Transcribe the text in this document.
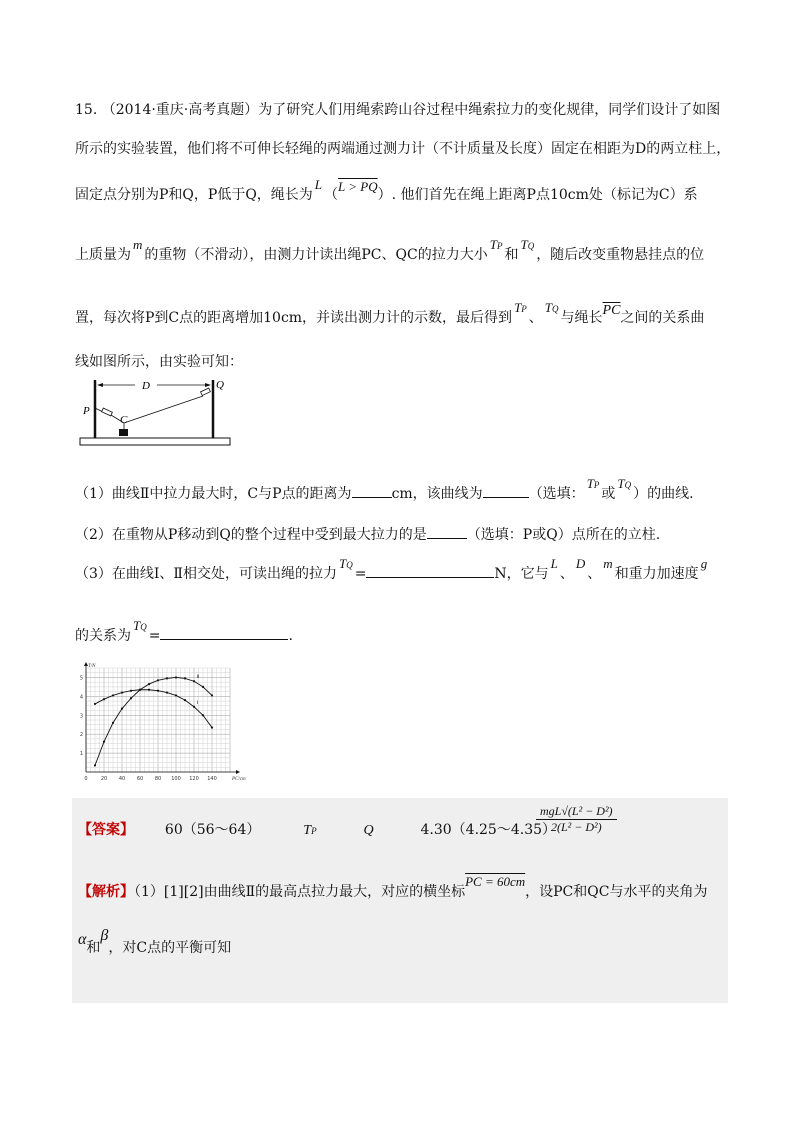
15. （2014·重庆·高考真题）为了研究人们用绳索跨山谷过程中绳索拉力的变化规律，同学们设计了如图
所示的实验装置，他们将不可伸长轻绳的两端通过测力计（不计质量及长度）固定在相距为D的两立柱上，
固定点分别为P和Q，P低于Q，绳长为L（L > PQ）. 他们首先在绳上距离P点10cm处（标记为C）系
上质量为m的重物（不滑动），由测力计读出绳PC、QC的拉力大小TP和TQ，随后改变重物悬挂点的位
置，每次将P到C点的距离增加10cm，并读出测力计的示数，最后得到TP、TQ与绳长$\overline{PC}$之间的关系曲
线如图所示，由实验可知：
D
P
Q
C
（1）曲线Ⅱ中拉力最大时，C与P点的距离为	cm，该曲线为	（选填：TP或TQ）的曲线.
（2）在重物从P移动到Q的整个过程中受到最大拉力的是	（选填：P或Q）点所在的立柱.
（3）在曲线Ⅰ、Ⅱ相交处，可读出绳的拉力TQ=	N，它与L、D、m和重力加速度g
的关系为TQ=	.
0	20 40 60 80 100 120 140
1
2
3
4
5
PC/cm
T/N
Ⅰ
Ⅱ
【答案】 60（56～64）	TP	Q	4.30（4.25～4.35）
$\frac{\text{mgL√(L² − D²)}}{\text{2(L² − D²)}}$
【解析】（1）[1][2]由曲线Ⅱ的最高点拉力最大，对应的横坐标PC = 60cm，设PC和QC与水平的夹角为
α和β，对C点的平衡可知
